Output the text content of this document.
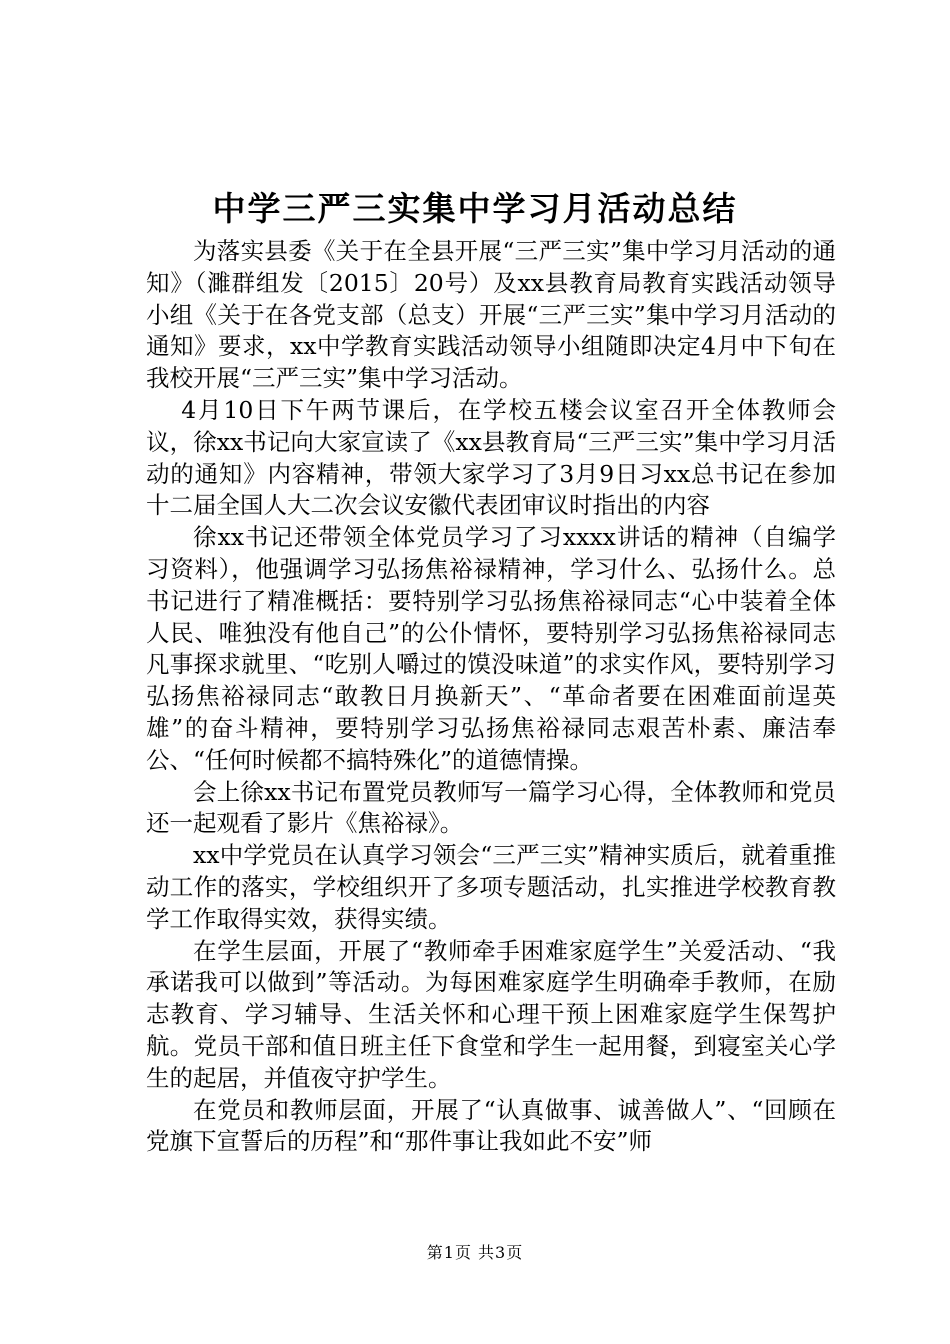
中学三严三实集中学习月活动总结

为落实县委《关于在全县开展“三严三实”集中学习月活动的通知》（濉群组发〔2015〕20号）及xx县教育局教育实践活动领导小组《关于在各党支部（总支）开展“三严三实”集中学习月活动的通知》要求，xx中学教育实践活动领导小组随即决定4月中下旬在我校开展“三严三实”集中学习活动。

4月10日下午两节课后，在学校五楼会议室召开全体教师会议，徐xx书记向大家宣读了《xx县教育局“三严三实”集中学习月活动的通知》内容精神，带领大家学习了3月9日习xx总书记在参加十二届全国人大二次会议安徽代表团审议时指出的内容

徐xx书记还带领全体党员学习了习xxxx讲话的精神（自编学习资料），他强调学习弘扬焦裕禄精神，学习什么、弘扬什么。总书记进行了精准概括：要特别学习弘扬焦裕禄同志“心中装着全体人民、唯独没有他自己”的公仆情怀，要特别学习弘扬焦裕禄同志凡事探求就里、“吃别人嚼过的馍没味道”的求实作风，要特别学习弘扬焦裕禄同志“敢教日月换新天”、“革命者要在困难面前逞英雄”的奋斗精神，要特别学习弘扬焦裕禄同志艰苦朴素、廉洁奉公、“任何时候都不搞特殊化”的道德情操。

会上徐xx书记布置党员教师写一篇学习心得，全体教师和党员还一起观看了影片《焦裕禄》。

xx中学党员在认真学习领会“三严三实”精神实质后，就着重推动工作的落实，学校组织开了多项专题活动，扎实推进学校教育教学工作取得实效，获得实绩。

在学生层面，开展了“教师牵手困难家庭学生”关爱活动、“我承诺我可以做到”等活动。为每困难家庭学生明确牵手教师，在励志教育、学习辅导、生活关怀和心理干预上困难家庭学生保驾护航。党员干部和值日班主任下食堂和学生一起用餐，到寝室关心学生的起居，并值夜守护学生。

在党员和教师层面，开展了“认真做事、诚善做人”、“回顾在党旗下宣誓后的历程”和“那件事让我如此不安”师

第1页 共3页
